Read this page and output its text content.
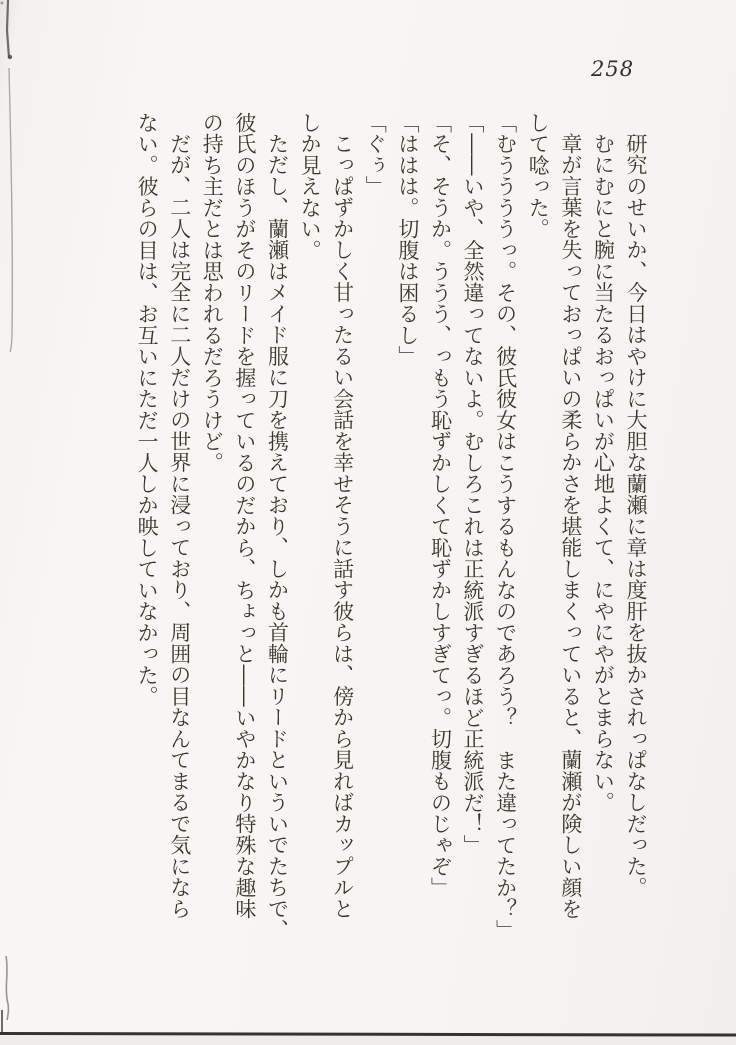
258

研究のせいか、今日はやけに大胆な蘭瀬に章は度肝を抜かされっぱなしだった。

むにむにと腕に当たるおっぱいが心地よくて、にやにやがとまらない。

章が言葉を失っておっぱいの柔らかさを堪能しまくっていると、蘭瀬が険しい顔を

して唸った。

「むううううっ。その、彼氏彼女はこうするもんなのであろう？　また違ってたか？」

「――いや、全然違ってないよ。むしろこれは正統派すぎるほど正統派だ！」

「そ、そうか。ううう、っもう恥ずかしくて恥ずかしすぎてっ。切腹ものじゃぞ」

「ははは。切腹は困るし」

「ぐぅ」

こっぱずかしく甘ったるい会話を幸せそうに話す彼らは、傍から見ればカップルと

しか見えない。

ただし、蘭瀬はメイド服に刀を携えており、しかも首輪にリードといういでたちで、

彼氏のほうがそのリードを握っているのだから、ちょっと――いやかなり特殊な趣味

の持ち主だとは思われるだろうけど。

だが、二人は完全に二人だけの世界に浸っており、周囲の目なんてまるで気になら

ない。彼らの目は、お互いにただ一人しか映していなかった。
